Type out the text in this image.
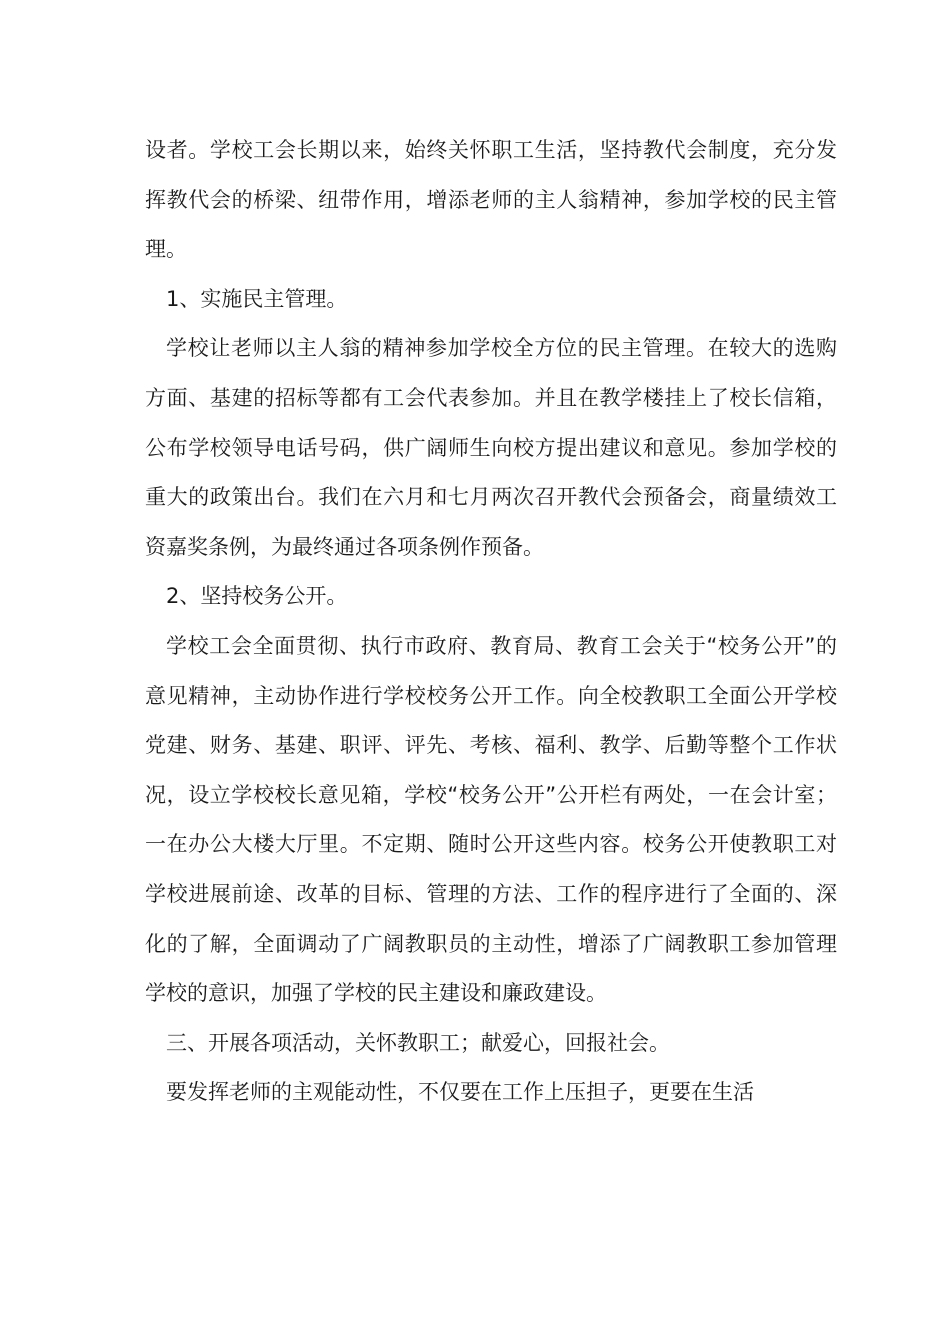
设者。学校工会长期以来，始终关怀职工生活，坚持教代会制度，充分发挥教代会的桥梁、纽带作用，增添老师的主人翁精神，参加学校的民主管理。

1、实施民主管理。

学校让老师以主人翁的精神参加学校全方位的民主管理。在较大的选购方面、基建的招标等都有工会代表参加。并且在教学楼挂上了校长信箱，公布学校领导电话号码，供广阔师生向校方提出建议和意见。参加学校的重大的政策出台。我们在六月和七月两次召开教代会预备会，商量绩效工资嘉奖条例，为最终通过各项条例作预备。

2、坚持校务公开。

学校工会全面贯彻、执行市政府、教育局、教育工会关于“校务公开”的意见精神，主动协作进行学校校务公开工作。向全校教职工全面公开学校党建、财务、基建、职评、评先、考核、福利、教学、后勤等整个工作状况，设立学校校长意见箱，学校“校务公开”公开栏有两处，一在会计室；一在办公大楼大厅里。不定期、随时公开这些内容。校务公开使教职工对学校进展前途、改革的目标、管理的方法、工作的程序进行了全面的、深化的了解，全面调动了广阔教职员的主动性，增添了广阔教职工参加管理学校的意识，加强了学校的民主建设和廉政建设。

三、开展各项活动，关怀教职工；献爱心，回报社会。

要发挥老师的主观能动性，不仅要在工作上压担子，更要在生活
